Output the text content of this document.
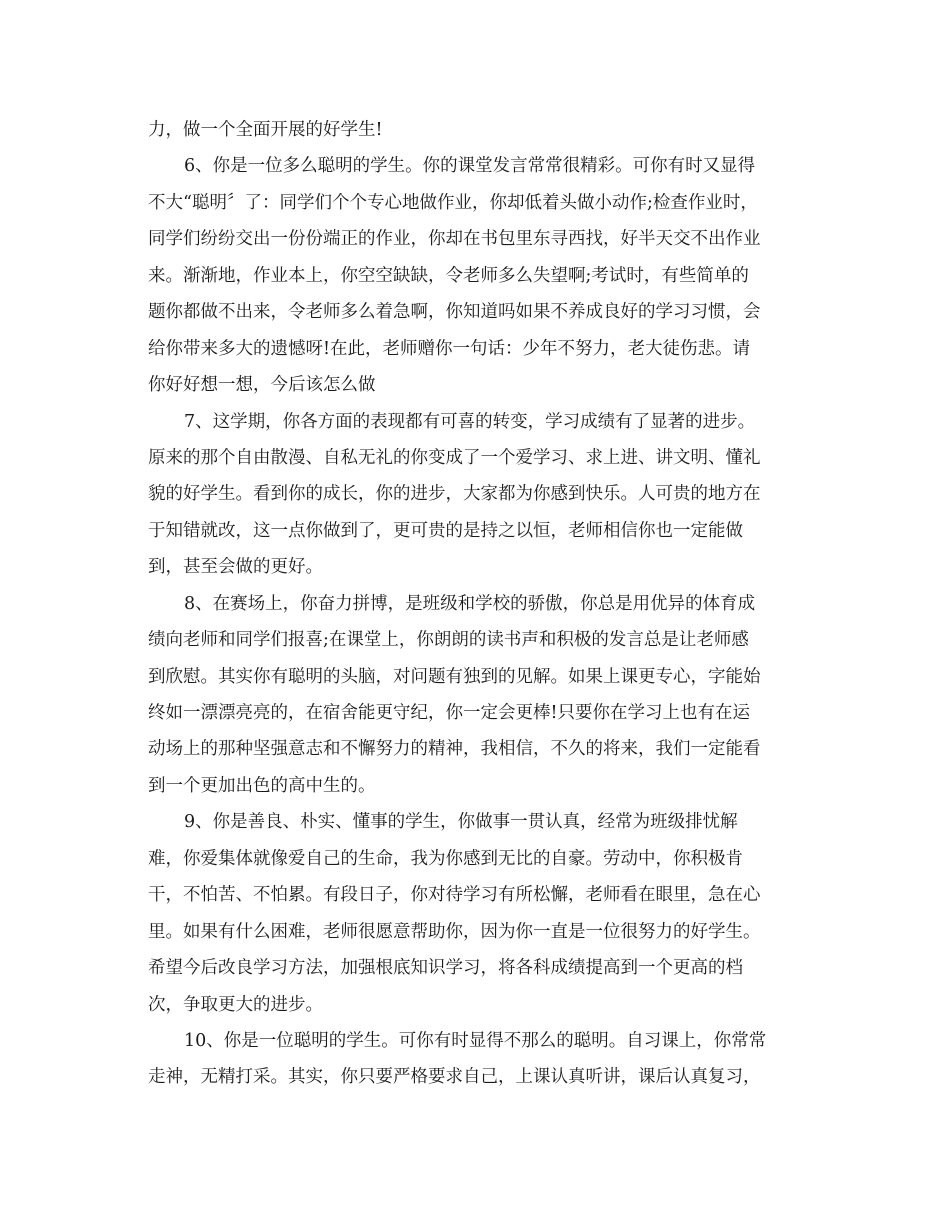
力，做一个全面开展的好学生!

6、你是一位多么聪明的学生。你的课堂发言常常很精彩。可你有时又显得

不大“聪明〞了：同学们个个专心地做作业，你却低着头做小动作;检查作业时，

同学们纷纷交出一份份端正的作业，你却在书包里东寻西找，好半天交不出作业

来。渐渐地，作业本上，你空空缺缺，令老师多么失望啊;考试时，有些简单的

题你都做不出来，令老师多么着急啊，你知道吗如果不养成良好的学习习惯，会

给你带来多大的遗憾呀!在此，老师赠你一句话：少年不努力，老大徒伤悲。请

你好好想一想，今后该怎么做

7、这学期，你各方面的表现都有可喜的转变，学习成绩有了显著的进步。

原来的那个自由散漫、自私无礼的你变成了一个爱学习、求上进、讲文明、懂礼

貌的好学生。看到你的成长，你的进步，大家都为你感到快乐。人可贵的地方在

于知错就改，这一点你做到了，更可贵的是持之以恒，老师相信你也一定能做

到，甚至会做的更好。

8、在赛场上，你奋力拼博，是班级和学校的骄傲，你总是用优异的体育成

绩向老师和同学们报喜;在课堂上，你朗朗的读书声和积极的发言总是让老师感

到欣慰。其实你有聪明的头脑，对问题有独到的见解。如果上课更专心，字能始

终如一漂漂亮亮的，在宿舍能更守纪，你一定会更棒!只要你在学习上也有在运

动场上的那种坚强意志和不懈努力的精神，我相信，不久的将来，我们一定能看

到一个更加出色的高中生的。

9、你是善良、朴实、懂事的学生，你做事一贯认真，经常为班级排忧解

难，你爱集体就像爱自己的生命，我为你感到无比的自豪。劳动中，你积极肯

干，不怕苦、不怕累。有段日子，你对待学习有所松懈，老师看在眼里，急在心

里。如果有什么困难，老师很愿意帮助你，因为你一直是一位很努力的好学生。

希望今后改良学习方法，加强根底知识学习，将各科成绩提高到一个更高的档

次，争取更大的进步。

10、你是一位聪明的学生。可你有时显得不那么的聪明。自习课上，你常常

走神，无精打采。其实，你只要严格要求自己，上课认真听讲，课后认真复习，
